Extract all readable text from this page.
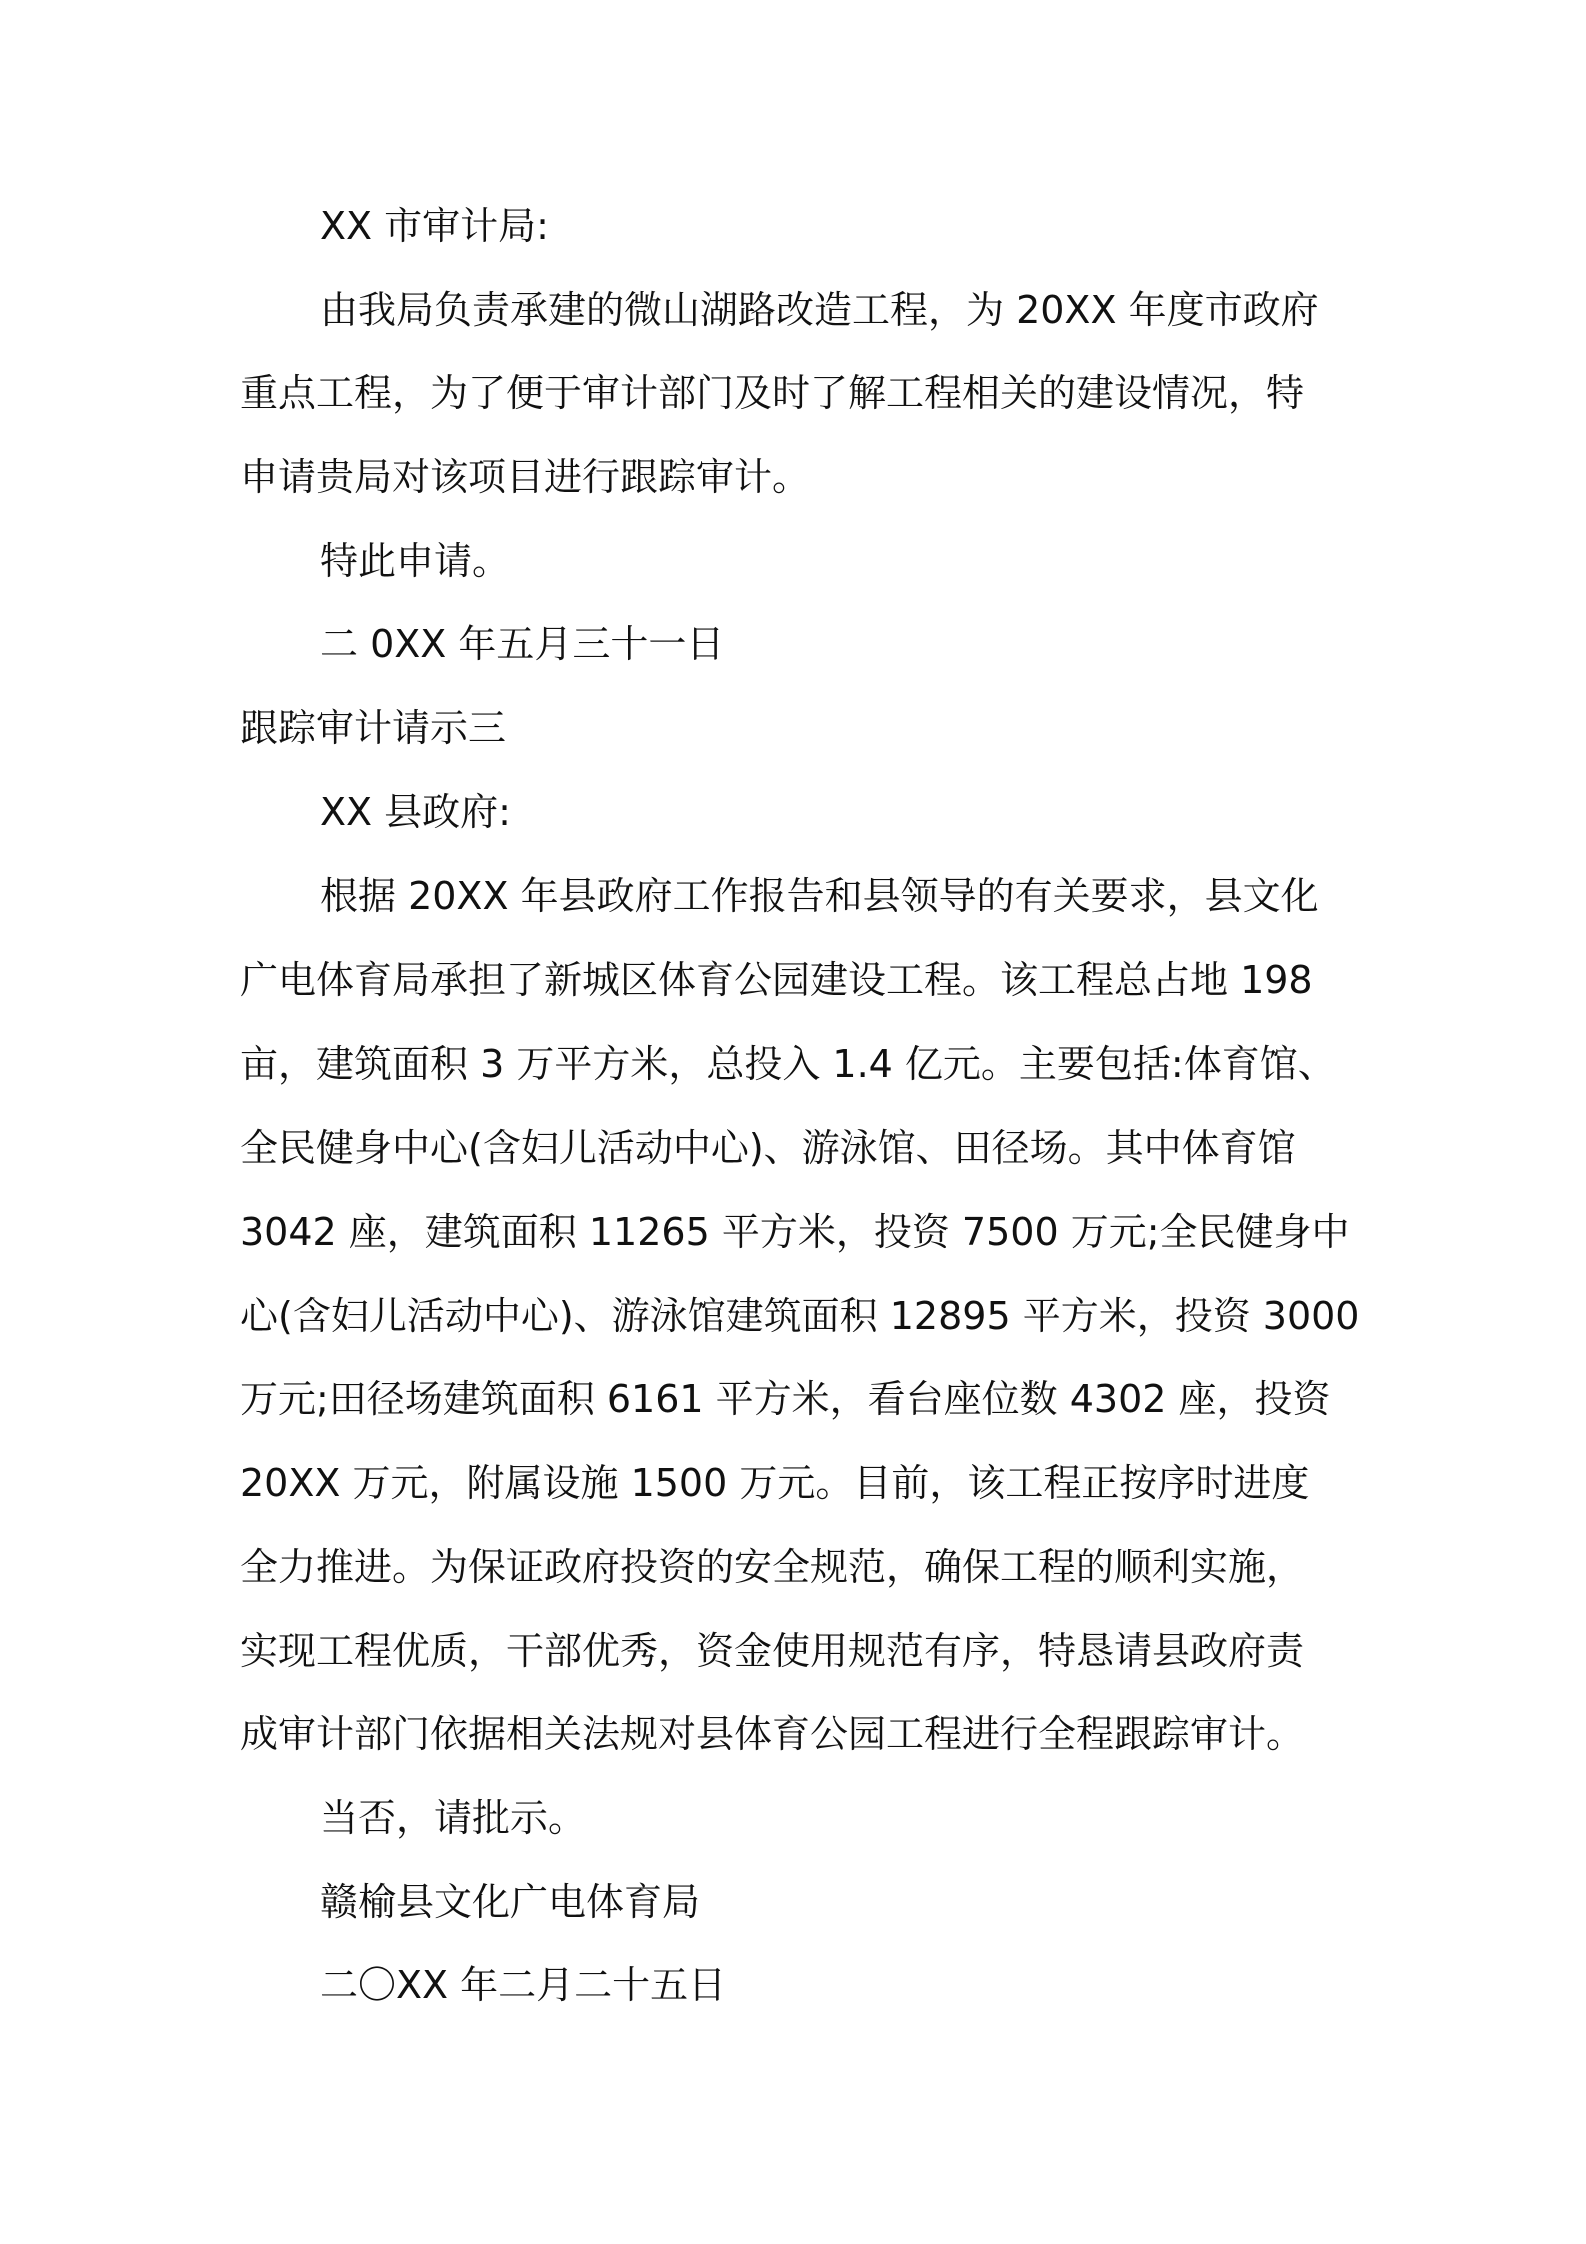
XX 市审计局:
由我局负责承建的微山湖路改造工程，为 20XX 年度市政府
重点工程，为了便于审计部门及时了解工程相关的建设情况，特
申请贵局对该项目进行跟踪审计。
特此申请。
二 0XX 年五月三十一日
跟踪审计请示三
XX 县政府:
根据 20XX 年县政府工作报告和县领导的有关要求，县文化
广电体育局承担了新城区体育公园建设工程。该工程总占地 198
亩，建筑面积 3 万平方米，总投入 1.4 亿元。主要包括:体育馆、
全民健身中心(含妇儿活动中心)、游泳馆、田径场。其中体育馆
3042 座，建筑面积 11265 平方米，投资 7500 万元;全民健身中
心(含妇儿活动中心)、游泳馆建筑面积 12895 平方米，投资 3000
万元;田径场建筑面积 6161 平方米，看台座位数 4302 座，投资
20XX 万元，附属设施 1500 万元。目前，该工程正按序时进度
全力推进。为保证政府投资的安全规范，确保工程的顺利实施，
实现工程优质，干部优秀，资金使用规范有序，特恳请县政府责
成审计部门依据相关法规对县体育公园工程进行全程跟踪审计。
当否，请批示。
赣榆县文化广电体育局
二〇XX 年二月二十五日
